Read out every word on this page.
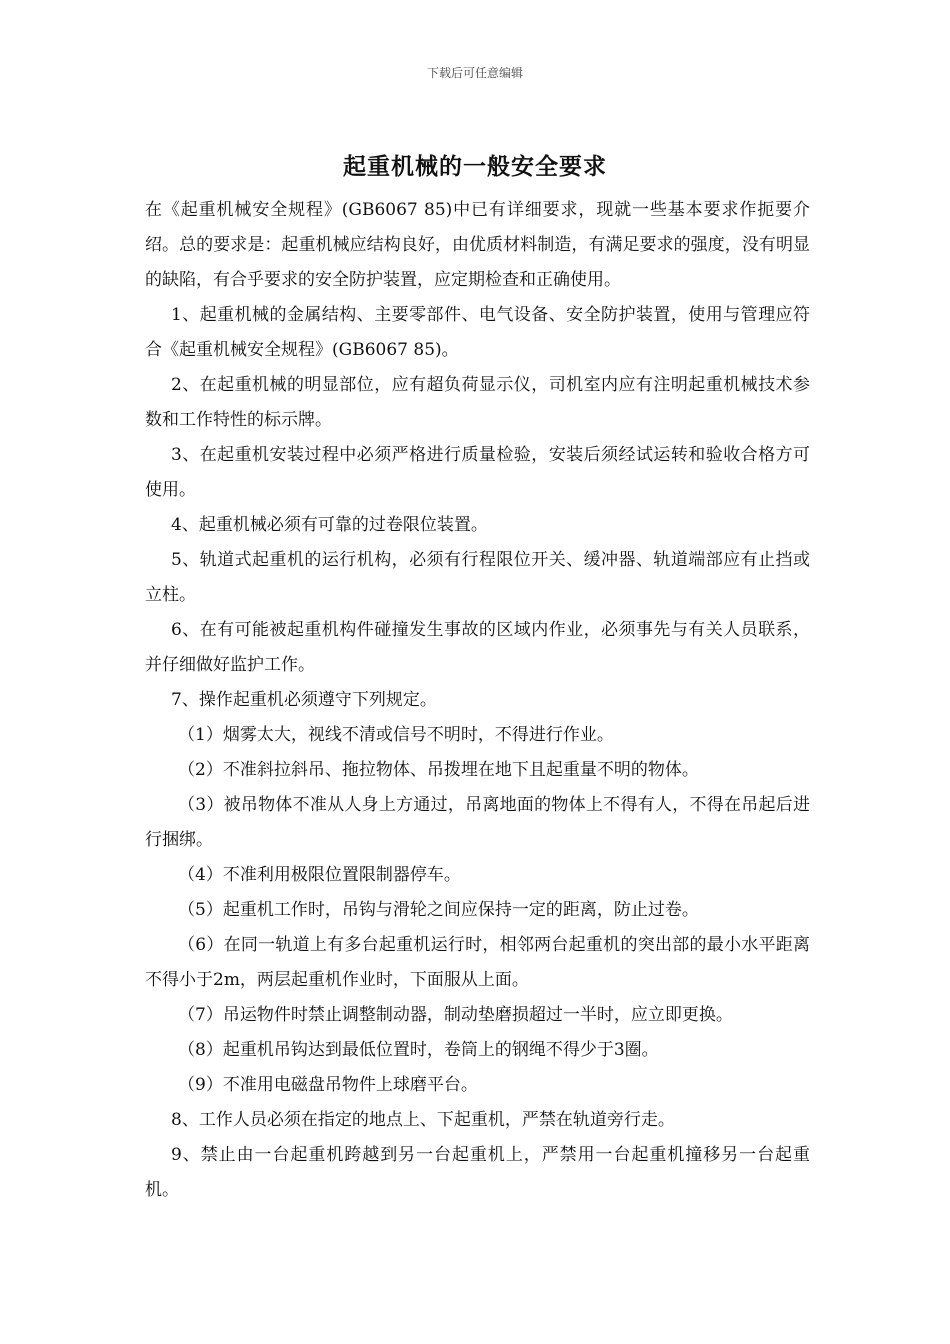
下载后可任意编辑
起重机械的一般安全要求

在《起重机械安全规程》(GB6067 85)中已有详细要求，现就一些基本要求作扼要介绍。总的要求是：起重机械应结构良好，由优质材料制造，有满足要求的强度，没有明显的缺陷，有合乎要求的安全防护装置，应定期检查和正确使用。

1、起重机械的金属结构、主要零部件、电气设备、安全防护装置，使用与管理应符合《起重机械安全规程》(GB6067 85)。

2、在起重机械的明显部位，应有超负荷显示仪，司机室内应有注明起重机械技术参数和工作特性的标示牌。

3、在起重机安装过程中必须严格进行质量检验，安装后须经试运转和验收合格方可使用。

4、起重机械必须有可靠的过卷限位装置。

5、轨道式起重机的运行机构，必须有行程限位开关、缓冲器、轨道端部应有止挡或立柱。

6、在有可能被起重机构件碰撞发生事故的区域内作业，必须事先与有关人员联系，并仔细做好监护工作。

7、操作起重机必须遵守下列规定。

（1）烟雾太大，视线不清或信号不明时，不得进行作业。

（2）不准斜拉斜吊、拖拉物体、吊拨埋在地下且起重量不明的物体。

（3）被吊物体不准从人身上方通过，吊离地面的物体上不得有人，不得在吊起后进行捆绑。

（4）不准利用极限位置限制器停车。

（5）起重机工作时，吊钩与滑轮之间应保持一定的距离，防止过卷。

（6）在同一轨道上有多台起重机运行时，相邻两台起重机的突出部的最小水平距离不得小于2m，两层起重机作业时，下面服从上面。

（7）吊运物件时禁止调整制动器，制动垫磨损超过一半时，应立即更换。

（8）起重机吊钩达到最低位置时，卷筒上的钢绳不得少于3圈。

（9）不准用电磁盘吊物件上球磨平台。

8、工作人员必须在指定的地点上、下起重机，严禁在轨道旁行走。

9、禁止由一台起重机跨越到另一台起重机上，严禁用一台起重机撞移另一台起重机。
